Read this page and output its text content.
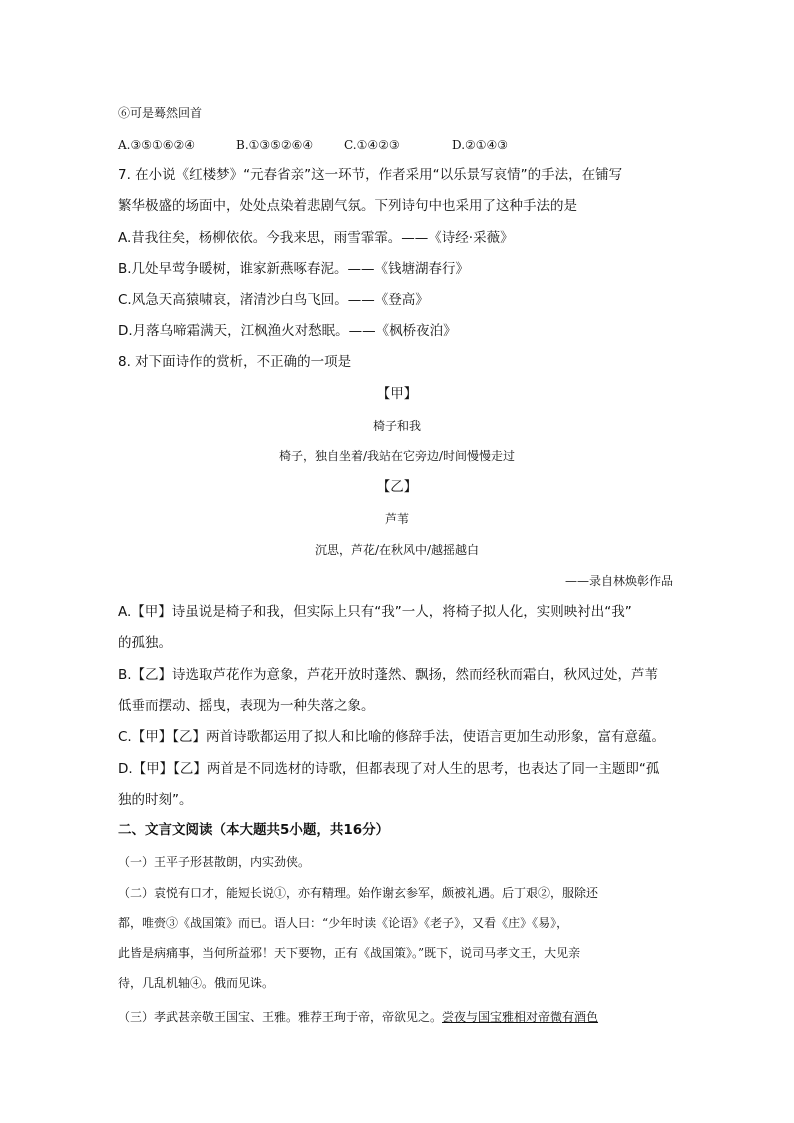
⑥可是蓦然回首
A.③⑤①⑥②④	B.①③⑤②⑥④	C.①④②③	D.②①④③
7. 在小说《红楼梦》“元春省亲”这一环节，作者采用“以乐景写哀情”的手法，在铺写
繁华极盛的场面中，处处点染着悲剧气氛。下列诗句中也采用了这种手法的是
A.昔我往矣，杨柳依依。今我来思，雨雪霏霏。——《诗经·采薇》
B.几处早莺争暖树，谁家新燕啄春泥。——《钱塘湖春行》
C.风急天高猿啸哀，渚清沙白鸟飞回。——《登高》
D.月落乌啼霜满天，江枫渔火对愁眠。——《枫桥夜泊》
8. 对下面诗作的赏析，不正确的一项是
【甲】
椅子和我
椅子，独自坐着/我站在它旁边/时间慢慢走过
【乙】
芦苇
沉思，芦花/在秋风中/越摇越白
——录自林焕彰作品
A.【甲】诗虽说是椅子和我，但实际上只有“我”一人，将椅子拟人化，实则映衬出“我”
的孤独。
B.【乙】诗选取芦花作为意象，芦花开放时蓬然、飘扬，然而经秋而霜白，秋风过处，芦苇
低垂而摆动、摇曳，表现为一种失落之象。
C.【甲】【乙】两首诗歌都运用了拟人和比喻的修辞手法，使语言更加生动形象，富有意蕴。
D.【甲】【乙】两首是不同选材的诗歌，但都表现了对人生的思考，也表达了同一主题即“孤
独的时刻”。
二、文言文阅读（本大题共5小题，共16分）
（一）王平子形甚散朗，内实劲侠。
（二）袁悦有口才，能短长说①，亦有精理。始作谢玄参军，颇被礼遇。后丁艰②，服除还
都，唯赍③《战国策》而已。语人曰：“少年时读《论语》《老子》，又看《庄》《易》，
此皆是病痛事，当何所益邪！天下要物，正有《战国策》。”既下，说司马孝文王，大见亲
待，几乱机轴④。俄而见诛。
（三）孝武甚亲敬王国宝、王雅。雅荐王珣于帝，帝欲见之。尝夜与国宝雅相对帝微有酒色
